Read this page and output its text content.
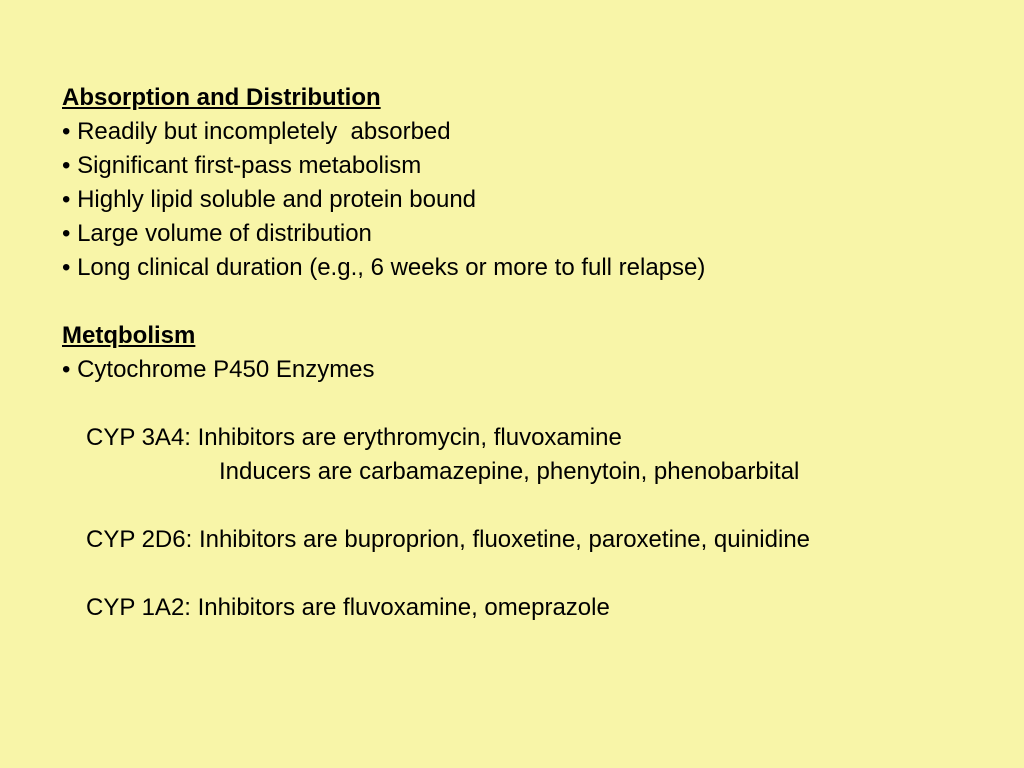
Absorption and Distribution
• Readily but incompletely  absorbed
• Significant first-pass metabolism
• Highly lipid soluble and protein bound
• Large volume of distribution
• Long clinical duration (e.g., 6 weeks or more to full relapse)
Metqbolism
• Cytochrome P450 Enzymes
CYP 3A4: Inhibitors are erythromycin, fluvoxamine
Inducers are carbamazepine, phenytoin, phenobarbital
CYP 2D6: Inhibitors are buproprion, fluoxetine, paroxetine, quinidine
CYP 1A2: Inhibitors are fluvoxamine, omeprazole
